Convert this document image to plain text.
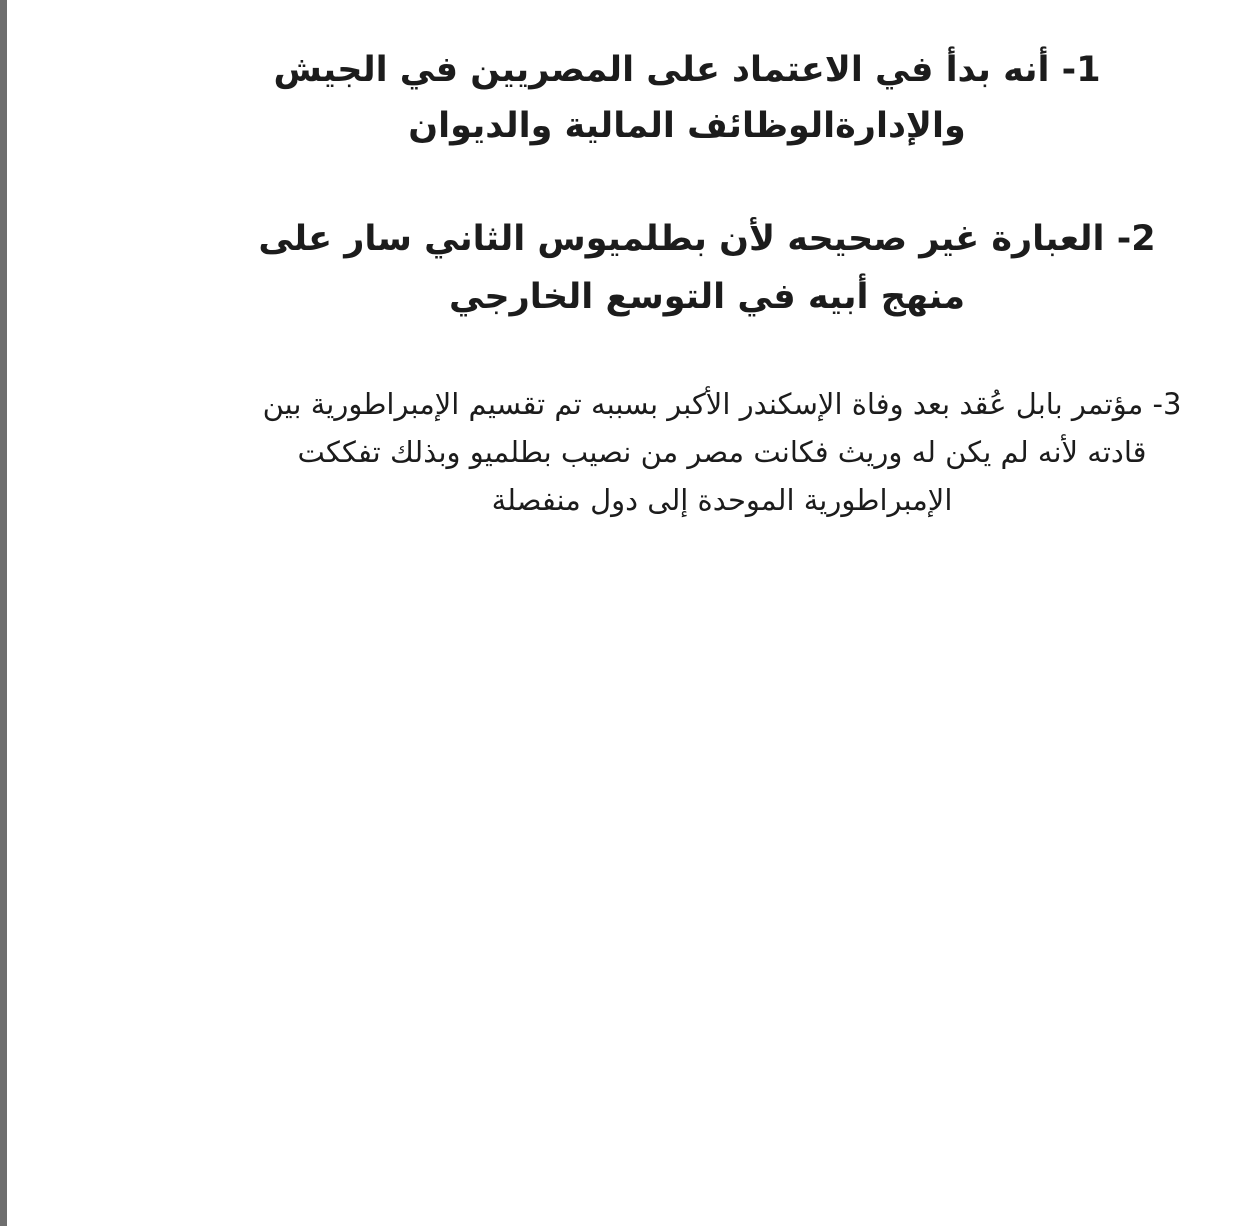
1- أنه بدأ في الاعتماد على المصريين في الجيش والإدارةالوظائف المالية والديوان

2- العبارة غير صحيحه لأن بطلميوس الثاني سار على منهج أبيه في التوسع الخارجي

3- مؤتمر بابل عُقد بعد وفاة الإسكندر الأكبر بسببه تم تقسيم الإمبراطورية بين قادته لأنه لم يكن له وريث فكانت مصر من نصيب بطلميو وبذلك تفككت الإمبراطورية الموحدة إلى دول منفصلة
